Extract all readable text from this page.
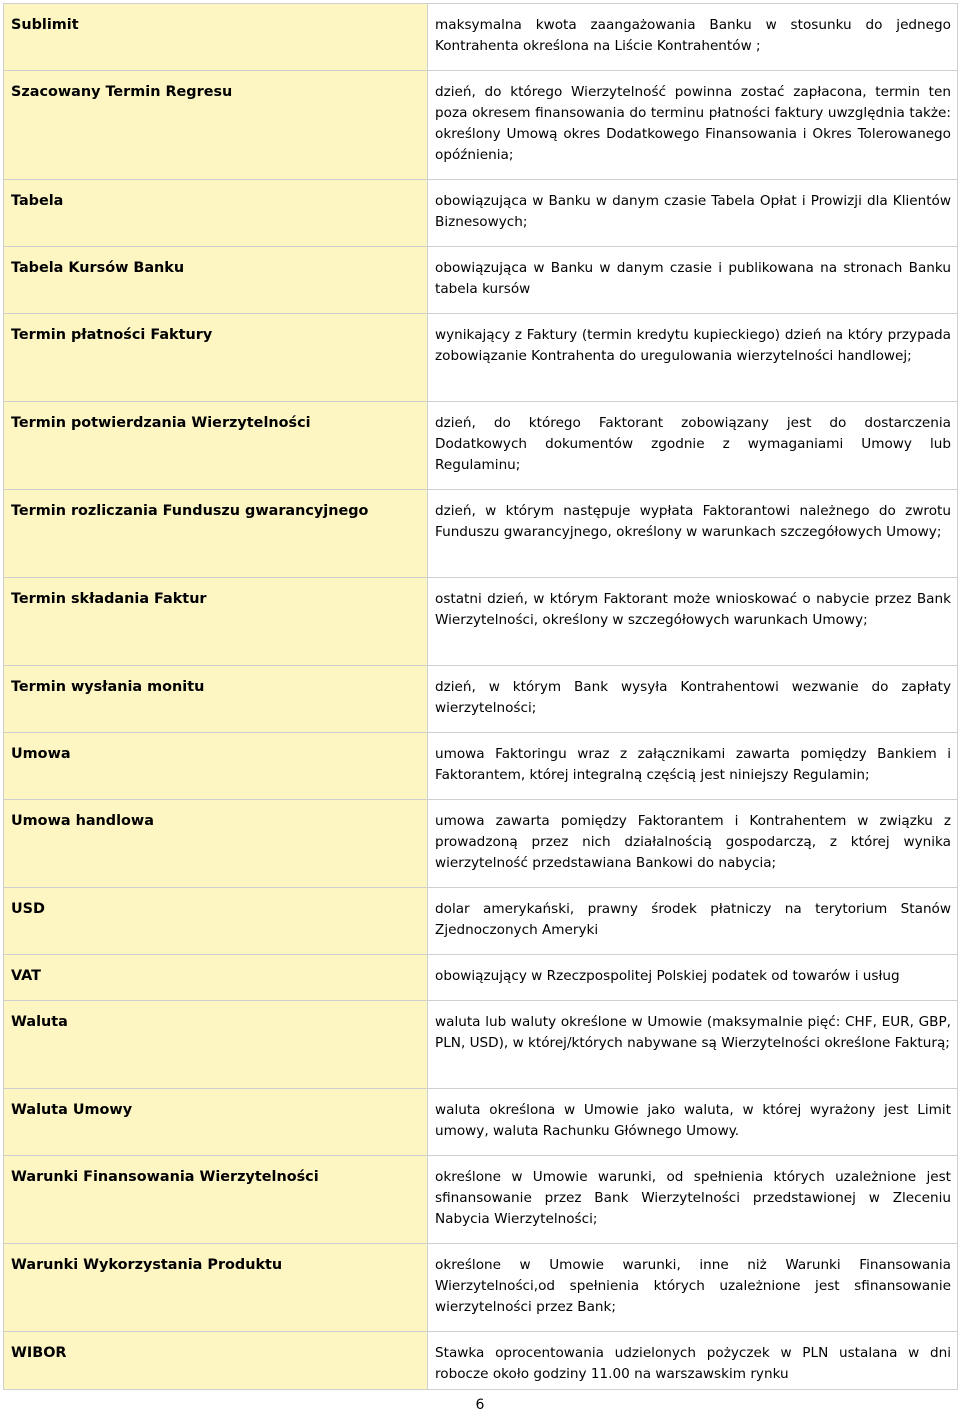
Sublimit	maksymalna kwota zaangażowania Banku w stosunku do jednego Kontrahenta określona na Liście Kontrahentów ;
Szacowany Termin Regresu	dzień, do którego Wierzytelność powinna zostać zapłacona, termin ten poza okresem finansowania do terminu płatności faktury uwzględnia także: określony Umową okres Dodatkowego Finansowania i Okres Tolerowanego opóźnienia;
Tabela	obowiązująca w Banku w danym czasie Tabela Opłat i Prowizji dla Klientów Biznesowych;
Tabela Kursów Banku	obowiązująca w Banku w danym czasie i publikowana na stronach Banku tabela kursów
Termin płatności Faktury	wynikający z Faktury (termin kredytu kupieckiego) dzień na który przypada zobowiązanie Kontrahenta do uregulowania wierzytelności handlowej;
Termin potwierdzania Wierzytelności	dzień, do którego Faktorant zobowiązany jest do dostarczenia Dodatkowych dokumentów zgodnie z wymaganiami Umowy lub Regulaminu;
Termin rozliczania Funduszu gwarancyjnego	dzień, w którym następuje wypłata Faktorantowi należnego do zwrotu Funduszu gwarancyjnego, określony w warunkach szczegółowych Umowy;
Termin składania Faktur	ostatni dzień, w którym Faktorant może wnioskować o nabycie przez Bank Wierzytelności, określony w szczegółowych warunkach Umowy;
Termin wysłania monitu	dzień, w którym Bank wysyła Kontrahentowi wezwanie do zapłaty wierzytelności;
Umowa	umowa Faktoringu wraz z załącznikami zawarta pomiędzy Bankiem i Faktorantem, której integralną częścią jest niniejszy Regulamin;
Umowa handlowa	umowa zawarta pomiędzy Faktorantem i Kontrahentem w związku z prowadzoną przez nich działalnością gospodarczą, z której wynika wierzytelność przedstawiana Bankowi do nabycia;
USD	dolar amerykański, prawny środek płatniczy na terytorium Stanów Zjednoczonych Ameryki
VAT	obowiązujący w Rzeczpospolitej Polskiej podatek od towarów i usług
Waluta	waluta lub waluty określone w Umowie (maksymalnie pięć: CHF, EUR, GBP, PLN, USD), w której/których nabywane są Wierzytelności określone Fakturą;
Waluta Umowy	waluta określona w Umowie jako waluta, w której wyrażony jest Limit umowy, waluta Rachunku Głównego Umowy.
Warunki Finansowania Wierzytelności	określone w Umowie warunki, od spełnienia których uzależnione jest sfinansowanie przez Bank Wierzytelności przedstawionej w Zleceniu Nabycia Wierzytelności;
Warunki Wykorzystania Produktu	określone w Umowie warunki, inne niż Warunki Finansowania Wierzytelności,od spełnienia których uzależnione jest sfinansowanie wierzytelności przez Bank;
WIBOR	Stawka oprocentowania udzielonych pożyczek w PLN ustalana w dni robocze około godziny 11.00 na warszawskim rynku
6
